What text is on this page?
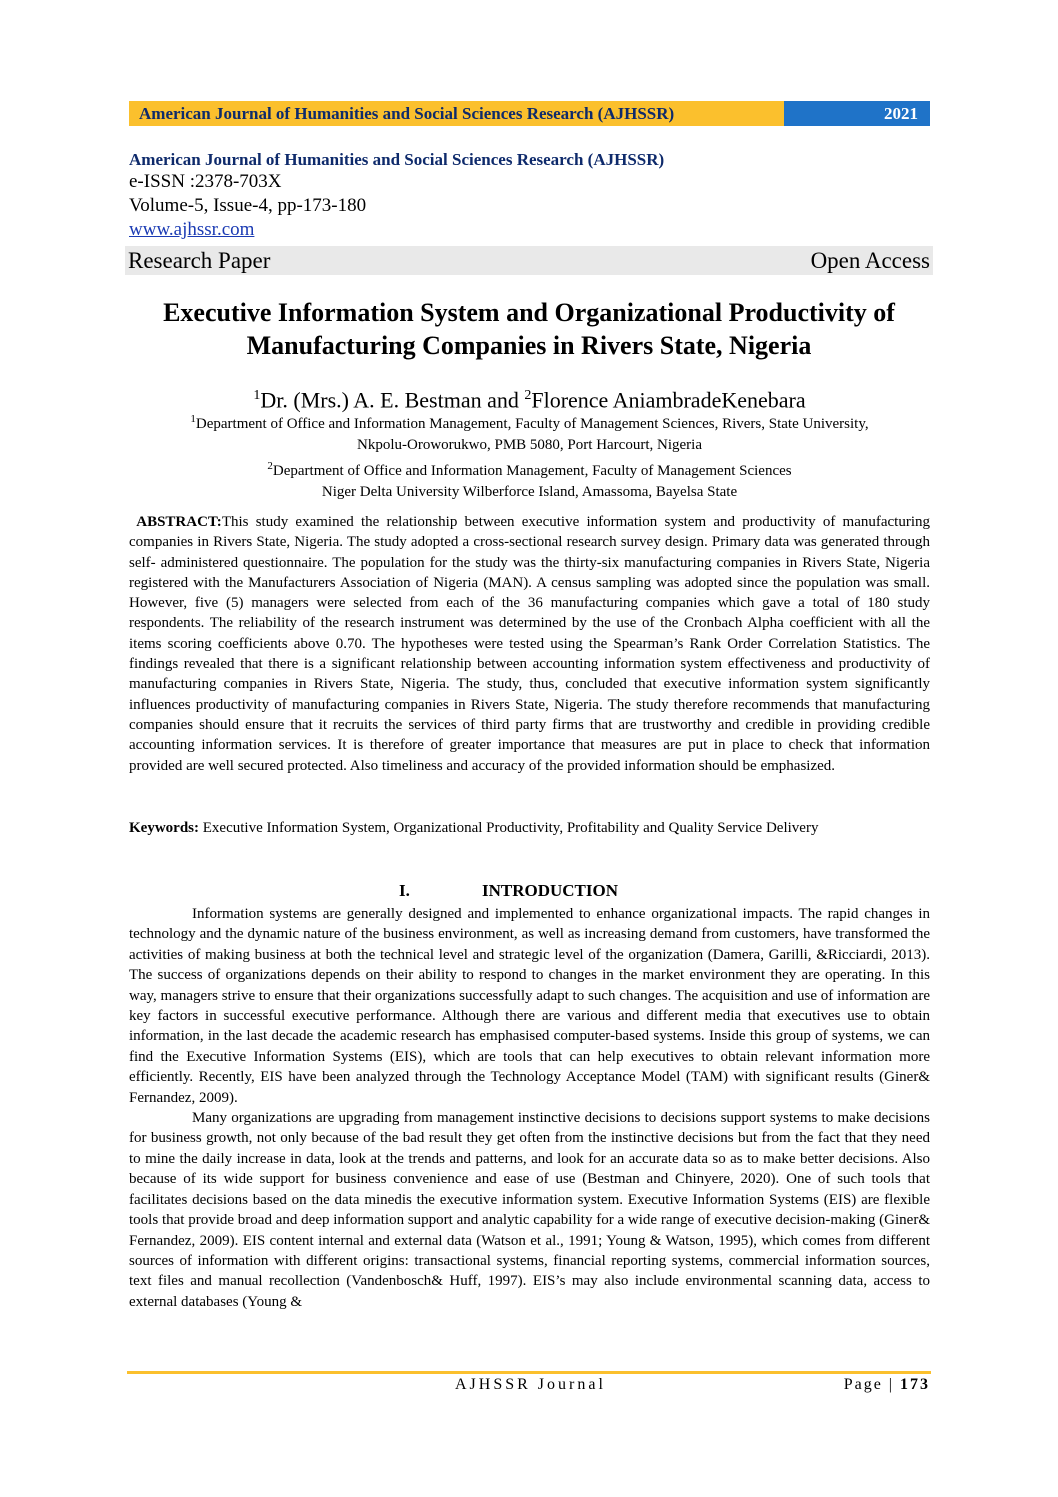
American Journal of Humanities and Social Sciences Research (AJHSSR)	2021
American Journal of Humanities and Social Sciences Research (AJHSSR)
e-ISSN :2378-703X
Volume-5, Issue-4, pp-173-180
www.ajhssr.com
Research Paper	Open Access
Executive Information System and Organizational Productivity of
Manufacturing Companies in Rivers State, Nigeria
$^1$Dr. (Mrs.) A. E. Bestman and $^2$Florence AniambradeKenebara
$^1$Department of Office and Information Management, Faculty of Management Sciences, Rivers, State University,
Nkpolu-Oroworukwo, PMB 5080, Port Harcourt, Nigeria
$^2$Department of Office and Information Management, Faculty of Management Sciences
Niger Delta University Wilberforce Island, Amassoma, Bayelsa State
ABSTRACT:This study examined the relationship between executive information system and productivity of manufacturing companies in Rivers State, Nigeria. The study adopted a cross-sectional research survey design. Primary data was generated through self- administered questionnaire. The population for the study was the thirty-six manufacturing companies in Rivers State, Nigeria registered with the Manufacturers Association of Nigeria (MAN). A census sampling was adopted since the population was small. However, five (5) managers were selected from each of the 36 manufacturing companies which gave a total of 180 study respondents. The reliability of the research instrument was determined by the use of the Cronbach Alpha coefficient with all the items scoring coefficients above 0.70. The hypotheses were tested using the Spearman’s Rank Order Correlation Statistics. The findings revealed that there is a significant relationship between accounting information system effectiveness and productivity of manufacturing companies in Rivers State, Nigeria. The study, thus, concluded that executive information system significantly influences productivity of manufacturing companies in Rivers State, Nigeria. The study therefore recommends that manufacturing companies should ensure that it recruits the services of third party firms that are trustworthy and credible in providing credible accounting information services. It is therefore of greater importance that measures are put in place to check that information provided are well secured protected. Also timeliness and accuracy of the provided information should be emphasized.
Keywords: Executive Information System, Organizational Productivity, Profitability and Quality Service Delivery
I.	INTRODUCTION

Information systems are generally designed and implemented to enhance organizational impacts. The rapid changes in technology and the dynamic nature of the business environment, as well as increasing demand from customers, have transformed the activities of making business at both the technical level and strategic level of the organization (Damera, Garilli, &Ricciardi, 2013). The success of organizations depends on their ability to respond to changes in the market environment they are operating. In this way, managers strive to ensure that their organizations successfully adapt to such changes. The acquisition and use of information are key factors in successful executive performance. Although there are various and different media that executives use to obtain information, in the last decade the academic research has emphasised computer-based systems. Inside this group of systems, we can find the Executive Information Systems (EIS), which are tools that can help executives to obtain relevant information more efficiently. Recently, EIS have been analyzed through the Technology Acceptance Model (TAM) with significant results (Giner& Fernandez, 2009).

Many organizations are upgrading from management instinctive decisions to decisions support systems to make decisions for business growth, not only because of the bad result they get often from the instinctive decisions but from the fact that they need to mine the daily increase in data, look at the trends and patterns, and look for an accurate data so as to make better decisions. Also because of its wide support for business convenience and ease of use (Bestman and Chinyere, 2020). One of such tools that facilitates decisions based on the data minedis the executive information system. Executive Information Systems (EIS) are flexible tools that provide broad and deep information support and analytic capability for a wide range of executive decision-making (Giner& Fernandez, 2009). EIS content internal and external data (Watson et al., 1991; Young & Watson, 1995), which comes from different sources of information with different origins: transactional systems, financial reporting systems, commercial information sources, text files and manual recollection (Vandenbosch& Huff, 1997). EIS’s may also include environmental scanning data, access to external databases (Young &

AJHSSR Journal	Page | 173
